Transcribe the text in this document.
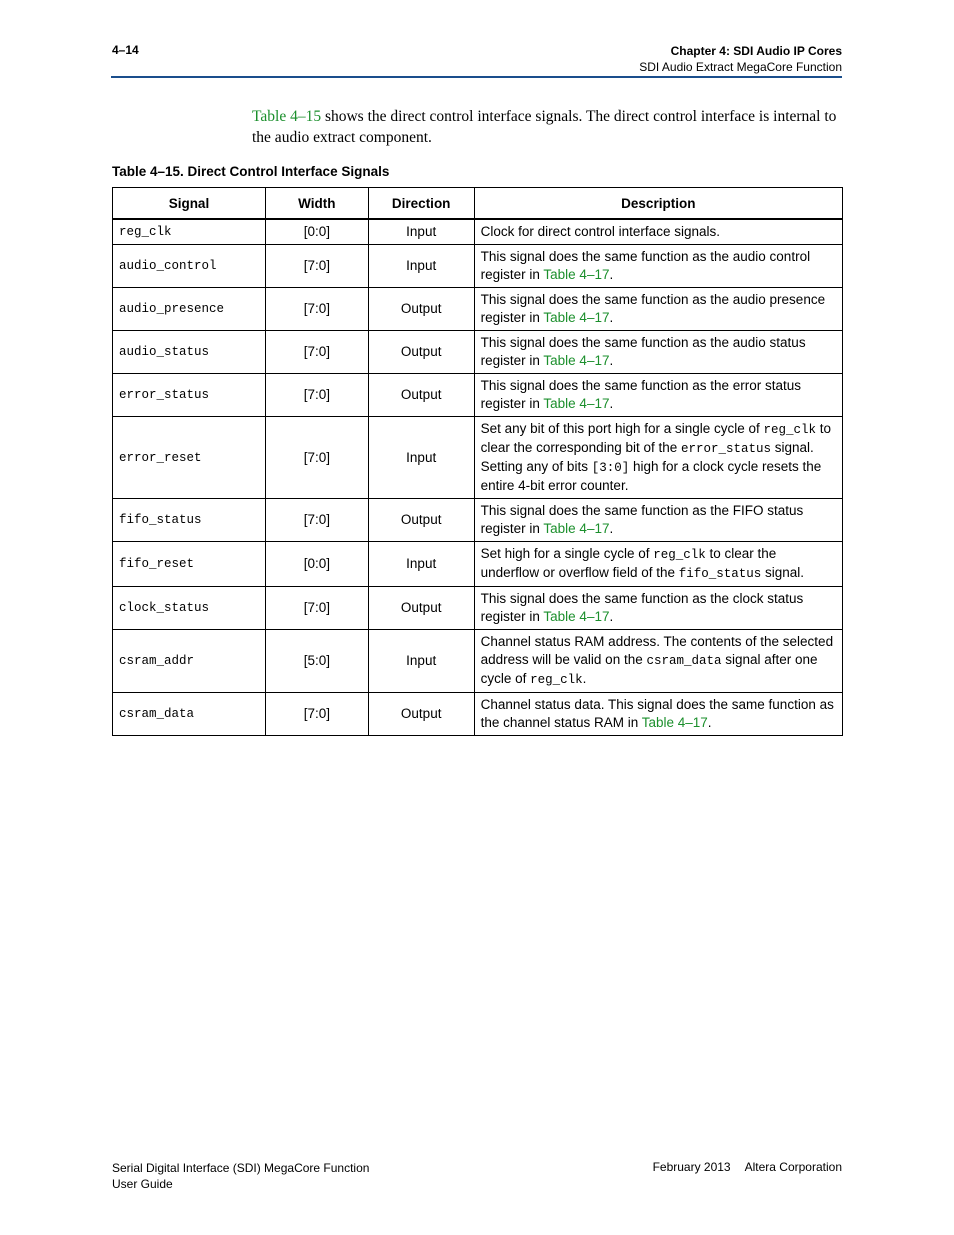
4–14	Chapter 4: SDI Audio IP Cores
SDI Audio Extract MegaCore Function
Table 4–15 shows the direct control interface signals. The direct control interface is internal to the audio extract component.
Table 4–15. Direct Control Interface Signals
Signal	Width	Direction	Description
reg_clk	[0:0]	Input	Clock for direct control interface signals.
audio_control	[7:0]	Input	This signal does the same function as the audio control register in Table 4–17.
audio_presence	[7:0]	Output	This signal does the same function as the audio presence register in Table 4–17.
audio_status	[7:0]	Output	This signal does the same function as the audio status register in Table 4–17.
error_status	[7:0]	Output	This signal does the same function as the error status register in Table 4–17.
error_reset	[7:0]	Input	Set any bit of this port high for a single cycle of reg_clk to clear the corresponding bit of the error_status signal. Setting any of bits [3:0] high for a clock cycle resets the entire 4-bit error counter.
fifo_status	[7:0]	Output	This signal does the same function as the FIFO status register in Table 4–17.
fifo_reset	[0:0]	Input	Set high for a single cycle of reg_clk to clear the underflow or overflow field of the fifo_status signal.
clock_status	[7:0]	Output	This signal does the same function as the clock status register in Table 4–17.
csram_addr	[5:0]	Input	Channel status RAM address. The contents of the selected address will be valid on the csram_data signal after one cycle of reg_clk.
csram_data	[7:0]	Output	Channel status data. This signal does the same function as the channel status RAM in Table 4–17.
Serial Digital Interface (SDI) MegaCore Function
User Guide
February 2013 Altera Corporation
